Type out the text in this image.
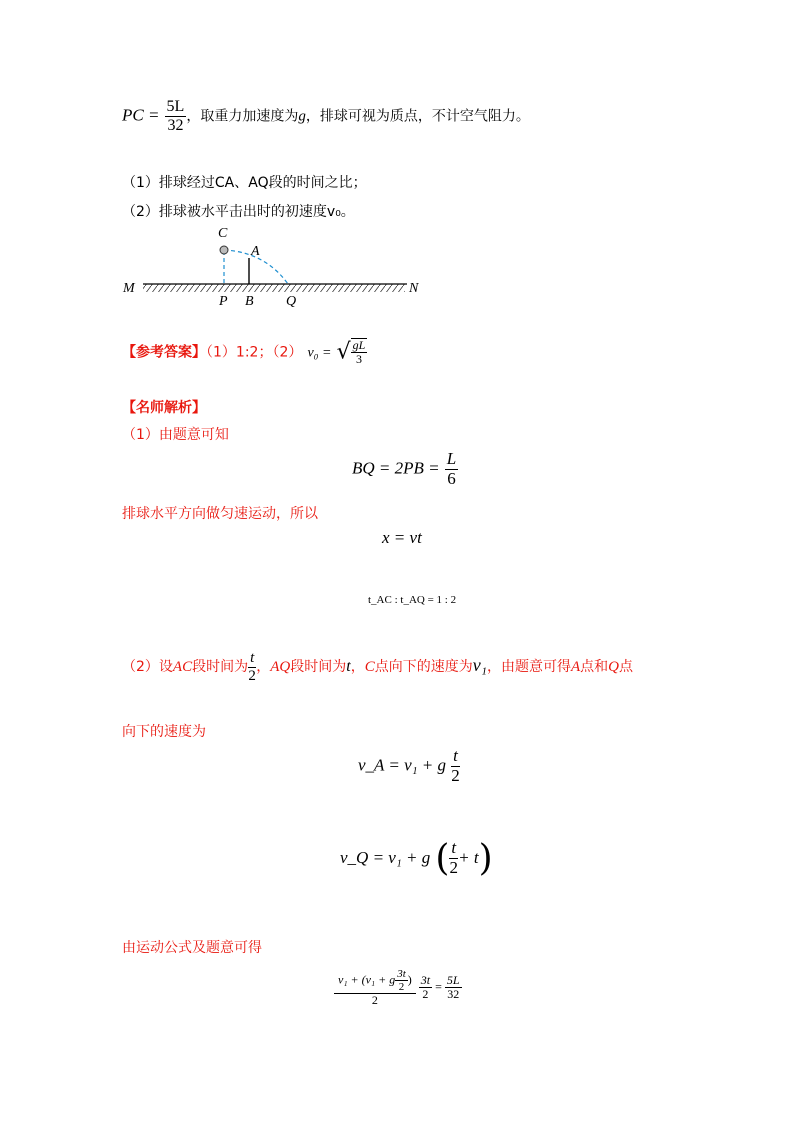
PC = $\frac{5L}{32}$ ，取重力加速度为g，排球可视为质点，不计空气阻力。
（1）排球经过CA、AQ段的时间之比；
（2）排球被水平击出时的初速度v₀。
C
A
M	N
P B Q
【参考答案】（1）1:2；（2） v₀ = √ $\frac{gL}{3}$
【名师解析】
（1）由题意可知
BQ = $2PB = \frac{L}{6}$
排球水平方向做匀速运动，所以
x = vt
t_AC : t_AQ = 1 : 2
（2）设AC段时间为 $\frac{t}{2}$ ，AQ段时间为t，C点向下的速度为v₁，由题意可得A点和Q点
向下的速度为
v_A = v₁ + g $\frac{t}{2}$
v_Q = v₁ + g ( $\frac{t}{2} + t$)
由运动公式及题意可得
$\frac{v_1 + (v_1 + g \frac{3t}{2} )}{2}$
$\frac{3t}{2} = \frac{5L}{32}$
